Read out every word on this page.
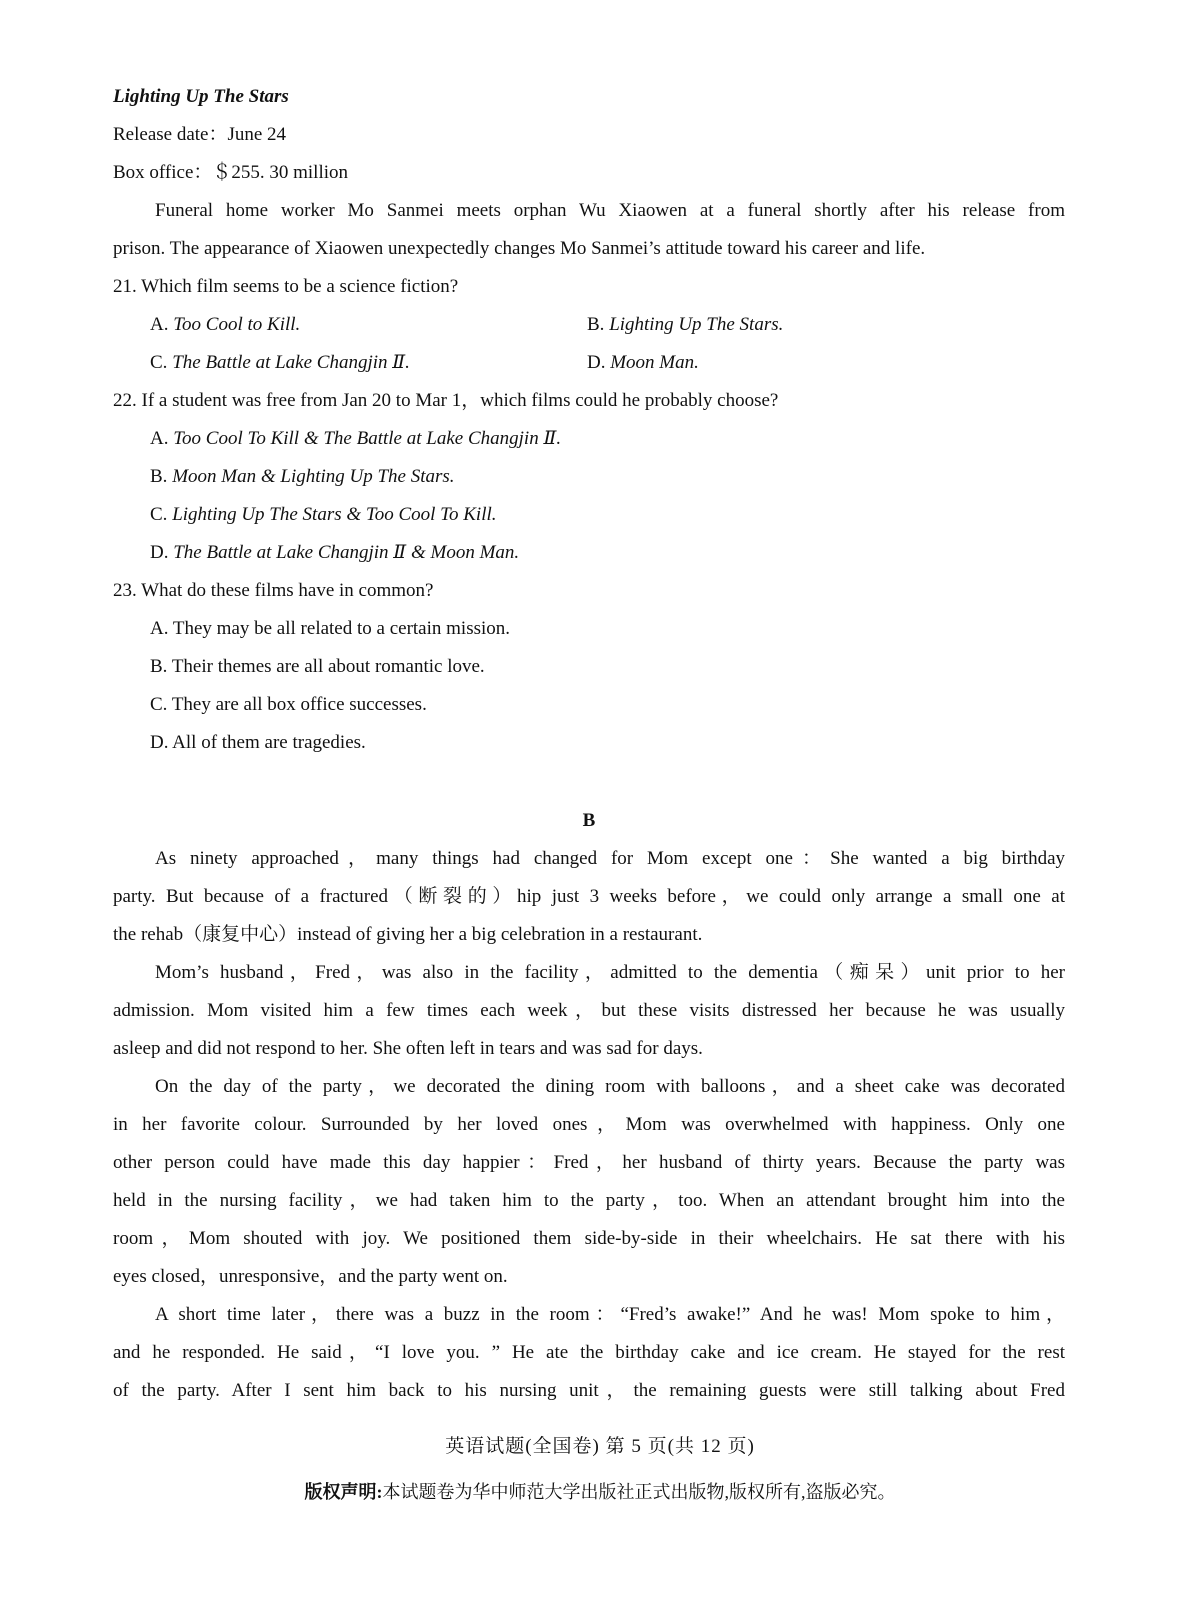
Lighting Up The Stars
Release date：June 24
Box office：＄255. 30 million
Funeral home worker Mo Sanmei meets orphan Wu Xiaowen at a funeral shortly after his release from
prison. The appearance of Xiaowen unexpectedly changes Mo Sanmei’s attitude toward his career and life.
21. Which film seems to be a science fiction?
A. Too Cool to Kill.	B. Lighting Up The Stars.
C. The Battle at Lake Changjin Ⅱ.	D. Moon Man.
22. If a student was free from Jan 20 to Mar 1，which films could he probably choose?
A. Too Cool To Kill & The Battle at Lake Changjin Ⅱ.
B. Moon Man & Lighting Up The Stars.
C. Lighting Up The Stars & Too Cool To Kill.
D. The Battle at Lake Changjin Ⅱ & Moon Man.
23. What do these films have in common?
A. They may be all related to a certain mission.
B. Their themes are all about romantic love.
C. They are all box office successes.
D. All of them are tragedies.
B
As ninety approached，many things had changed for Mom except one：She wanted a big birthday
party. But because of a fractured（断裂的）hip just 3 weeks before，we could only arrange a small one at
the rehab（康复中心）instead of giving her a big celebration in a restaurant.
Mom’s husband，Fred，was also in the facility，admitted to the dementia（痴呆）unit prior to her
admission. Mom visited him a few times each week，but these visits distressed her because he was usually
asleep and did not respond to her. She often left in tears and was sad for days.
On the day of the party，we decorated the dining room with balloons，and a sheet cake was decorated
in her favorite colour. Surrounded by her loved ones，Mom was overwhelmed with happiness. Only one
other person could have made this day happier：Fred，her husband of thirty years. Because the party was
held in the nursing facility，we had taken him to the party，too. When an attendant brought him into the
room，Mom shouted with joy. We positioned them side-by-side in their wheelchairs. He sat there with his
eyes closed，unresponsive，and the party went on.
A short time later，there was a buzz in the room：“Fred’s awake!” And he was! Mom spoke to him，
and he responded. He said，“I love you. ” He ate the birthday cake and ice cream. He stayed for the rest
of the party. After I sent him back to his nursing unit，the remaining guests were still talking about Fred
英语试题(全国卷) 第 5 页(共 12 页)
版权声明:本试题卷为华中师范大学出版社正式出版物,版权所有,盗版必究。
